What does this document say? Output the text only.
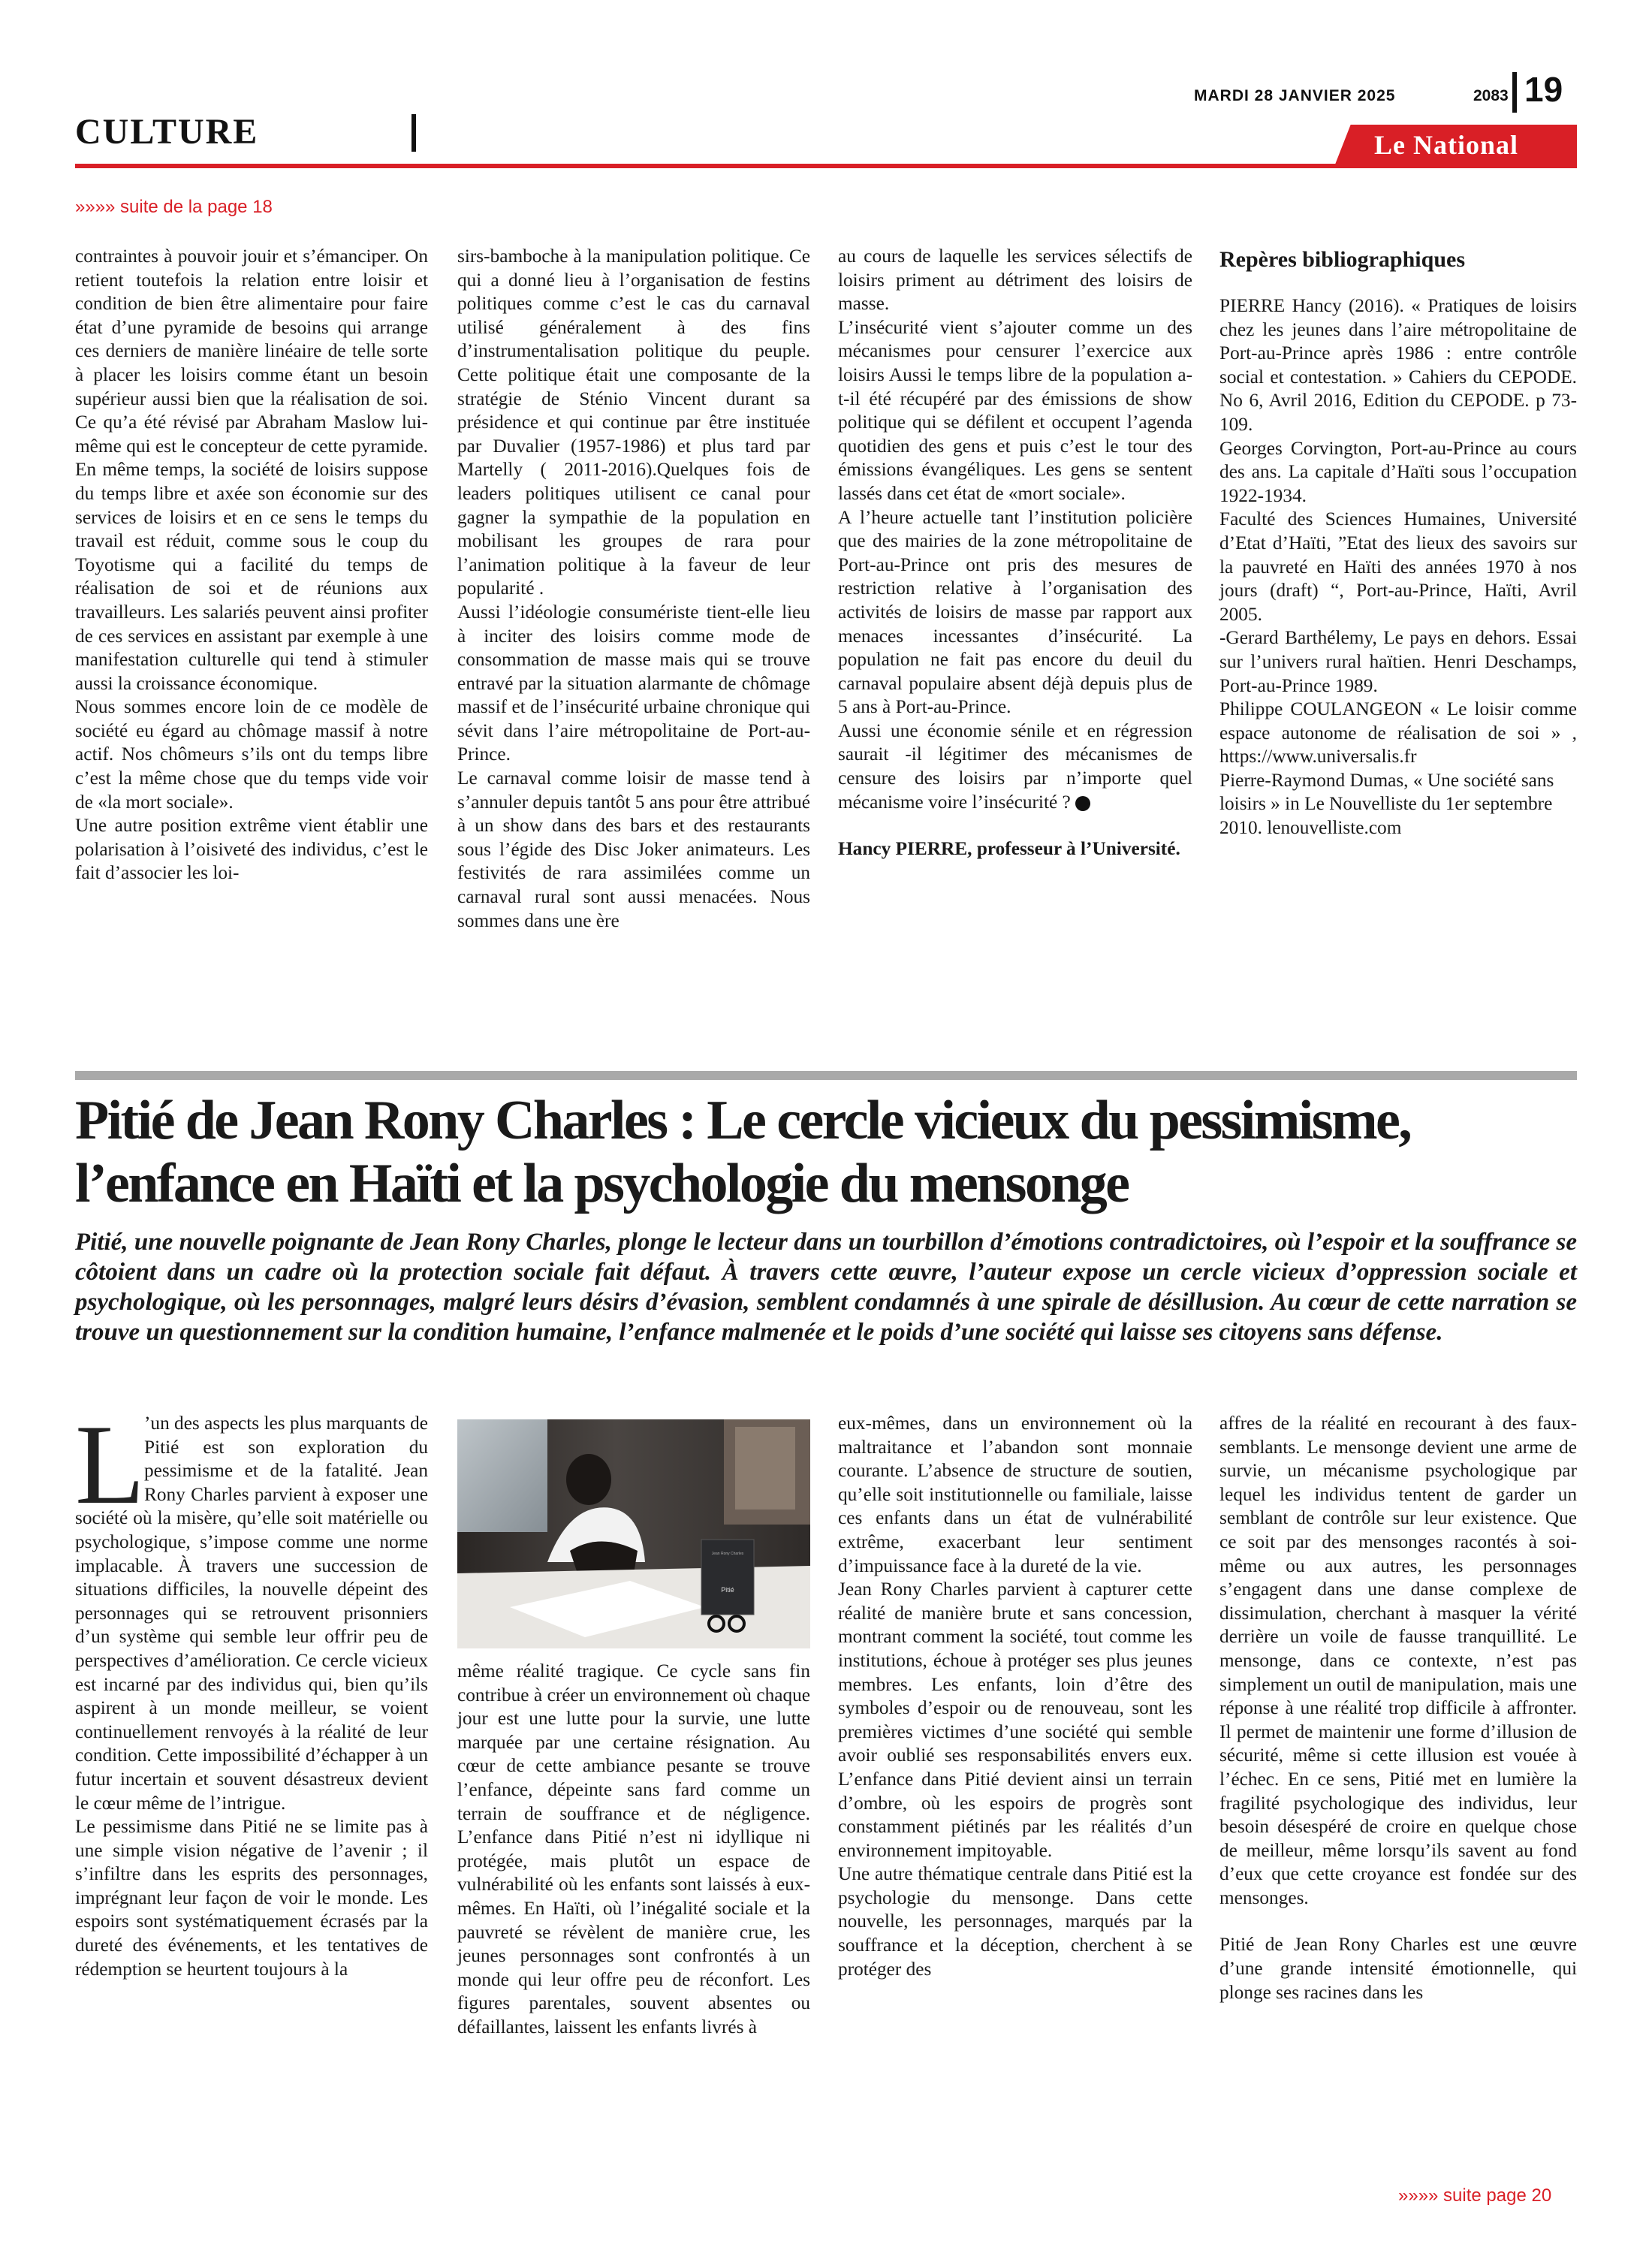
CULTURE
MARDI 28 JANVIER 2025	2083 19
Le National
»»»» suite de la page 18

contraintes à pouvoir jouir et s’émanciper. On retient toutefois la relation entre loisir et condition de bien être alimentaire pour faire état d’une pyramide de besoins qui arrange ces derniers de manière linéaire de telle sorte à placer les loisirs comme étant un besoin supérieur aussi bien que la réalisation de soi. Ce qu’a été révisé par Abraham Maslow lui-même qui est le concepteur de cette pyramide. En même temps, la société de loisirs suppose du temps libre et axée son économie sur des services de loisirs et en ce sens le temps du travail est réduit, comme sous le coup du Toyotisme qui a facilité du temps de réalisation de soi et de réunions aux travailleurs. Les salariés peuvent ainsi profiter de ces services en assistant par exemple à une manifestation culturelle qui tend à stimuler aussi la croissance économique.

Nous sommes encore loin de ce modèle de société eu égard au chômage massif à notre actif. Nos chômeurs s’ils ont du temps libre c’est la même chose que du temps vide voir de «la mort sociale».

Une autre position extrême vient établir une polarisation à l’oisiveté des individus, c’est le fait d’associer les loi-

sirs-bamboche à la manipulation politique. Ce qui a donné lieu à l’organisation de festins politiques comme c’est le cas du carnaval utilisé généralement à des fins d’instrumentalisation politique du peuple. Cette politique était une composante de la stratégie de Sténio Vincent durant sa présidence et qui continue par être instituée par Duvalier (1957-1986) et plus tard par Martelly ( 2011-2016).Quelques fois de leaders politiques utilisent ce canal pour gagner la sympathie de la population en mobilisant les groupes de rara pour l’animation politique à la faveur de leur popularité .

Aussi l’idéologie consumériste tient-elle lieu à inciter des loisirs comme mode de consommation de masse mais qui se trouve entravé par la situation alarmante de chômage massif et de l’insécurité urbaine chronique qui sévit dans l’aire métropolitaine de Port-au-Prince.

Le carnaval comme loisir de masse tend à s’annuler depuis tantôt 5 ans pour être attribué à un show dans des bars et des restaurants sous l’égide des Disc Joker animateurs. Les festivités de rara assimilées comme un carnaval rural sont aussi menacées. Nous sommes dans une ère

au cours de laquelle les services sélectifs de loisirs priment au détriment des loisirs de masse.

L’insécurité vient s’ajouter comme un des mécanismes pour censurer l’exercice aux loisirs Aussi le temps libre de la population a-t-il été récupéré par des émissions de show politique qui se défilent et occupent l’agenda quotidien des gens et puis c’est le tour des émissions évangéliques. Les gens se sentent lassés dans cet état de «mort sociale».

A l’heure actuelle tant l’institution policière que des mairies de la zone métropolitaine de Port-au-Prince ont pris des mesures de restriction relative à l’organisation des activités de loisirs de masse par rapport aux menaces incessantes d’insécurité. La population ne fait pas encore du deuil du carnaval populaire absent déjà depuis plus de 5 ans à Port-au-Prince.

Aussi une économie sénile et en régression saurait -il légitimer des mécanismes de censure des loisirs par n’importe quel mécanisme voire l’insécurité ?

Hancy PIERRE, professeur à l’Université.

Repères bibliographiques

PIERRE Hancy (2016). « Pratiques de loisirs chez les jeunes dans l’aire métropolitaine de Port-au-Prince après 1986 : entre contrôle social et contestation. » Cahiers du CEPODE. No 6, Avril 2016, Edition du CEPODE. p 73-109.

Georges Corvington, Port-au-Prince au cours des ans. La capitale d’Haïti sous l’occupation 1922-1934.

Faculté des Sciences Humaines, Université d’Etat d’Haïti, ”Etat des lieux des savoirs sur la pauvreté en Haïti des années 1970 à nos jours (draft) “, Port-au-Prince, Haïti, Avril 2005.

-Gerard Barthélemy, Le pays en dehors. Essai sur l’univers rural haïtien. Henri Deschamps, Port-au-Prince 1989.

Philippe COULANGEON « Le loisir comme espace autonome de réalisation de soi » , https://www.universalis.fr

Pierre-Raymond Dumas, « Une société sans loisirs » in Le Nouvelliste du 1er septembre 2010. lenouvelliste.com

Pitié de Jean Rony Charles : Le cercle vicieux du pessimisme, l’enfance en Haïti et la psychologie du mensonge
Pitié, une nouvelle poignante de Jean Rony Charles, plonge le lecteur dans un tourbillon d’émotions contradictoires, où l’espoir et la souffrance se côtoient dans un cadre où la protection sociale fait défaut. À travers cette œuvre, l’auteur expose un cercle vicieux d’oppression sociale et psychologique, où les personnages, malgré leurs désirs d’évasion, semblent condamnés à une spirale de désillusion. Au cœur de cette narration se trouve un questionnement sur la condition humaine, l’enfance malmenée et le poids d’une société qui laisse ses citoyens sans défense.
L ’un des aspects les plus marquants de Pitié est son exploration du pessimisme et de la fatalité. Jean Rony Charles parvient à exposer une société où la misère, qu’elle soit matérielle ou psychologique, s’impose comme une norme implacable. À travers une succession de situations difficiles, la nouvelle dépeint des personnages qui se retrouvent prisonniers d’un système qui semble leur offrir peu de perspectives d’amélioration. Ce cercle vicieux est incarné par des individus qui, bien qu’ils aspirent à un monde meilleur, se voient continuellement renvoyés à la réalité de leur condition. Cette impossibilité d’échapper à un futur incertain et souvent désastreux devient le cœur même de l’intrigue.

Le pessimisme dans Pitié ne se limite pas à une simple vision négative de l’avenir ; il s’infiltre dans les esprits des personnages, imprégnant leur façon de voir le monde. Les espoirs sont systématiquement écrasés par la dureté des événements, et les tentatives de rédemption se heurtent toujours à la

Pitié
Jean Rony Charles

même réalité tragique. Ce cycle sans fin contribue à créer un environnement où chaque jour est une lutte pour la survie, une lutte marquée par une certaine résignation. Au cœur de cette ambiance pesante se trouve l’enfance, dépeinte sans fard comme un terrain de souffrance et de négligence. L’enfance dans Pitié n’est ni idyllique ni protégée, mais plutôt un espace de vulnérabilité où les enfants sont laissés à eux-mêmes. En Haïti, où l’inégalité sociale et la pauvreté se révèlent de manière crue, les jeunes personnages sont confrontés à un monde qui leur offre peu de réconfort. Les figures parentales, souvent absentes ou défaillantes, laissent les enfants livrés à

eux-mêmes, dans un environnement où la maltraitance et l’abandon sont monnaie courante. L’absence de structure de soutien, qu’elle soit institutionnelle ou familiale, laisse ces enfants dans un état de vulnérabilité extrême, exacerbant leur sentiment d’impuissance face à la dureté de la vie.

Jean Rony Charles parvient à capturer cette réalité de manière brute et sans concession, montrant comment la société, tout comme les institutions, échoue à protéger ses plus jeunes membres. Les enfants, loin d’être des symboles d’espoir ou de renouveau, sont les premières victimes d’une société qui semble avoir oublié ses responsabilités envers eux. L’enfance dans Pitié devient ainsi un terrain d’ombre, où les espoirs de progrès sont constamment piétinés par les réalités d’un environnement impitoyable.

Une autre thématique centrale dans Pitié est la psychologie du mensonge. Dans cette nouvelle, les personnages, marqués par la souffrance et la déception, cherchent à se protéger des

affres de la réalité en recourant à des faux-semblants. Le mensonge devient une arme de survie, un mécanisme psychologique par lequel les individus tentent de garder un semblant de contrôle sur leur existence. Que ce soit par des mensonges racontés à soi-même ou aux autres, les personnages s’engagent dans une danse complexe de dissimulation, cherchant à masquer la vérité derrière un voile de fausse tranquillité. Le mensonge, dans ce contexte, n’est pas simplement un outil de manipulation, mais une réponse à une réalité trop difficile à affronter. Il permet de maintenir une forme d’illusion de sécurité, même si cette illusion est vouée à l’échec. En ce sens, Pitié met en lumière la fragilité psychologique des individus, leur besoin désespéré de croire en quelque chose de meilleur, même lorsqu’ils savent au fond d’eux que cette croyance est fondée sur des mensonges.

Pitié de Jean Rony Charles est une œuvre d’une grande intensité émotionnelle, qui plonge ses racines dans les

»»»» suite page 20
